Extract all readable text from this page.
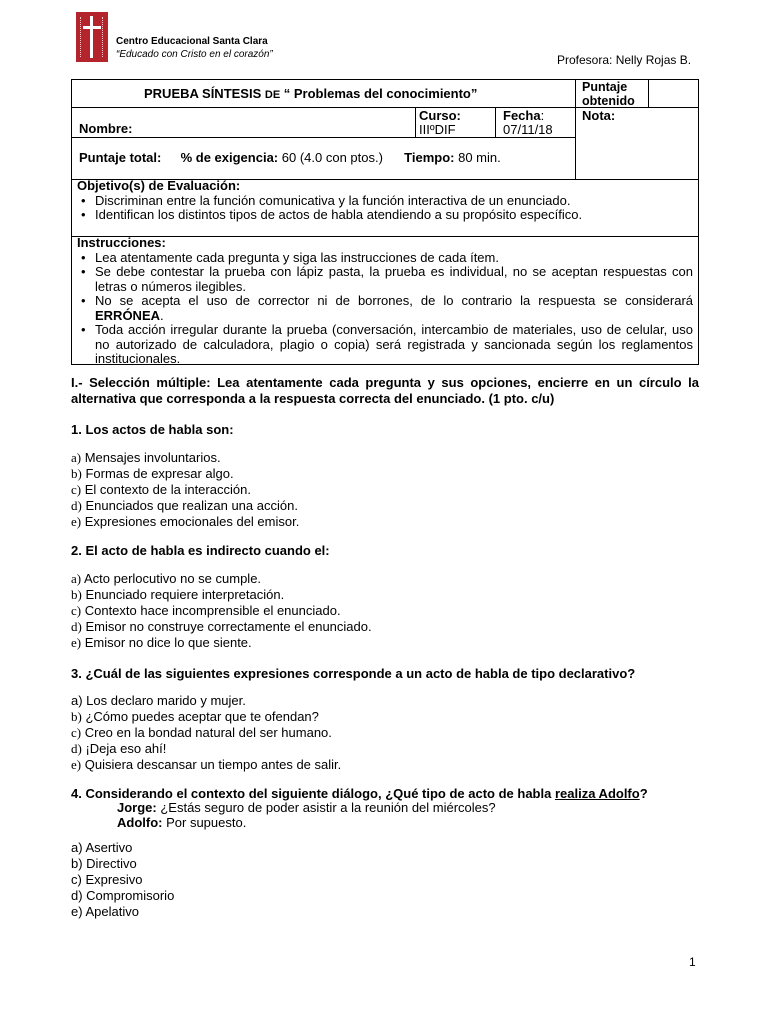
Centro Educacional Santa Clara
“Educado con Cristo en el corazón”	Profesora: Nelly Rojas B.
PRUEBA SÍNTESIS DE “ Problemas del conocimiento”	Puntaje obtenido
Nombre:
Curso:
IIIºDIF
Fecha:
07/11/18
Nota:
Puntaje total: % de exigencia: 60 (4.0 con ptos.) Tiempo: 80 min.
Objetivo(s) de Evaluación:
• Discriminan entre la función comunicativa y la función interactiva de un enunciado.
• Identifican los distintos tipos de actos de habla atendiendo a su propósito específico.
Instrucciones:
• Lea atentamente cada pregunta y siga las instrucciones de cada ítem.
• Se debe contestar la prueba con lápiz pasta, la prueba es individual, no se aceptan respuestas con letras o números ilegibles.
• No se acepta el uso de corrector ni de borrones, de lo contrario la respuesta se considerará ERRÓNEA.
• Toda acción irregular durante la prueba (conversación, intercambio de materiales, uso de celular, uso no autorizado de calculadora, plagio o copia) será registrada y sancionada según los reglamentos institucionales.
I.- Selección múltiple: Lea atentamente cada pregunta y sus opciones, encierre en un círculo la alternativa que corresponda a la respuesta correcta del enunciado. (1 pto. c/u)
1. Los actos de habla son:
a) Mensajes involuntarios.
b) Formas de expresar algo.
c) El contexto de la interacción.
d) Enunciados que realizan una acción.
e) Expresiones emocionales del emisor.
2. El acto de habla es indirecto cuando el:
a) Acto perlocutivo no se cumple.
b) Enunciado requiere interpretación.
c) Contexto hace incomprensible el enunciado.
d) Emisor no construye correctamente el enunciado.
e) Emisor no dice lo que siente.
3. ¿Cuál de las siguientes expresiones corresponde a un acto de habla de tipo declarativo?
a) Los declaro marido y mujer.
b) ¿Cómo puedes aceptar que te ofendan?
c) Creo en la bondad natural del ser humano.
d) ¡Deja eso ahí!
e) Quisiera descansar un tiempo antes de salir.
4. Considerando el contexto del siguiente diálogo, ¿Qué tipo de acto de habla realiza Adolfo?
Jorge: ¿Estás seguro de poder asistir a la reunión del miércoles?
Adolfo: Por supuesto.
a) Asertivo
b) Directivo
c) Expresivo
d) Compromisorio
e) Apelativo
1
